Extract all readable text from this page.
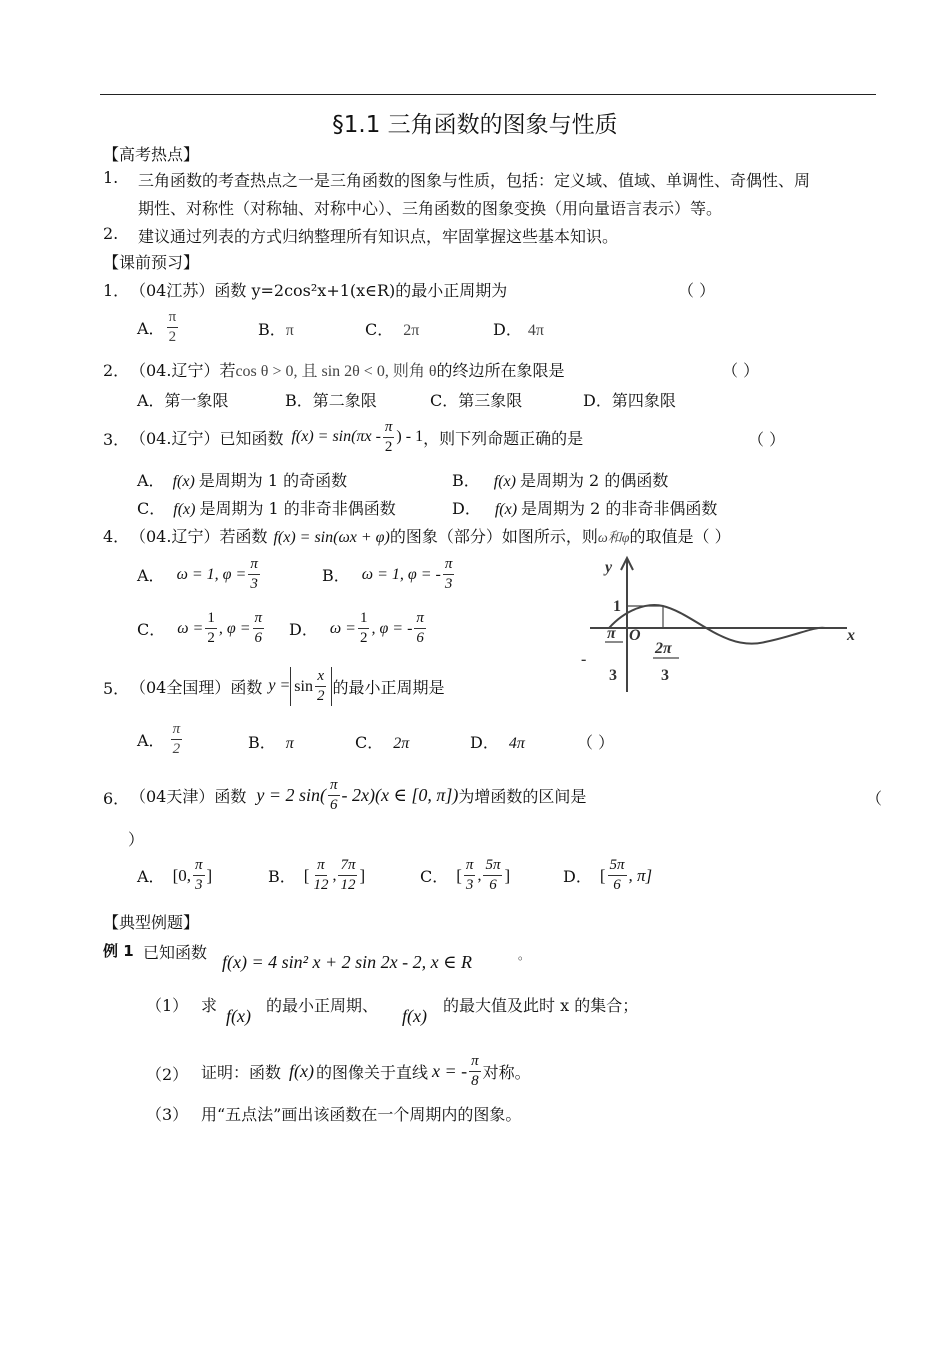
§1.1 三角函数的图象与性质
【高考热点】
1. 三角函数的考查热点之一是三角函数的图象与性质，包括：定义域、值域、单调性、奇偶性、周
期性、对称性（对称轴、对称中心）、三角函数的图象变换（用向量语言表示）等。
2. 建议通过列表的方式归纳整理所有知识点，牢固掌握这些基本知识。
【课前预习】
1． （04江苏）函数 y=2cos²x+1(x∈R)的最小正周期为	（ ）
A． $\frac{\pi}{2}$	B．π	C． 2π	D． 4π
2． （04.辽宁）若cos θ > 0, 且 sin 2θ < 0, 则角 θ的终边所在象限是	（ ）
A．第一象限	B．第二象限	C．第三象限	D．第四象限
3． （04.辽宁）已知函数 $f(x) = \sin(\pi x - \frac{\pi}{2}$ ) - 1 ，则下列命题正确的是	（ ）
A． f(x) 是周期为 1 的奇函数	B． f(x) 是周期为 2 的偶函数
C． f(x) 是周期为 1 的非奇非偶函数	D． f(x) 是周期为 2 的非奇非偶函数
4． （04.辽宁）若函数 f(x) = sin(ωx + φ)的图象（部分）如图所示，则ω和φ的取值是（ ）
A． ω = 1, $\varphi = \frac{\pi}{3}$	B． ω = 1, φ = - $\frac{\pi}{3}$
C． $\omega = \frac{1}{2}$ , $\varphi = \frac{\pi}{6}$ D． $\omega = \frac{1}{2}$ , φ = - $\frac{\pi}{6}$
y
x
O
1
-
π
3
2π
3
5． （04全国理）函数 $y = \sin \frac{x}{2}$ 的最小正周期是
A． $\frac{\pi}{2}$	B． π	C． 2π	D． 4π	（ ）
6． （04天津）函数 y = 2 $\sin( \frac{\pi}{6} - 2x)(x$ ∈ [0, π]) 为增函数的区间是	（
）
A． [0, $\frac{\pi}{3}$ ]	B． [ $\frac{\pi}{12}$ , $\frac{7\pi}{12}$ ]	C． [ $\frac{\pi}{3}$ , $\frac{5\pi}{6}$ ]	D． [ $\frac{5\pi}{6}$ , π]
【典型例题】
例 1 已知函数 f(x) = 4 sin² x + 2 sin 2x - 2, x ∈ R	。
（1） 求
f(x)
的最小正周期、
f(x)
的最大值及此时 x 的集合；
（2） 证明：函数 f(x) 的图像关于直线 x = - $\frac{\pi}{8}$ 对称。
（3） 用“五点法”画出该函数在一个周期内的图象。
